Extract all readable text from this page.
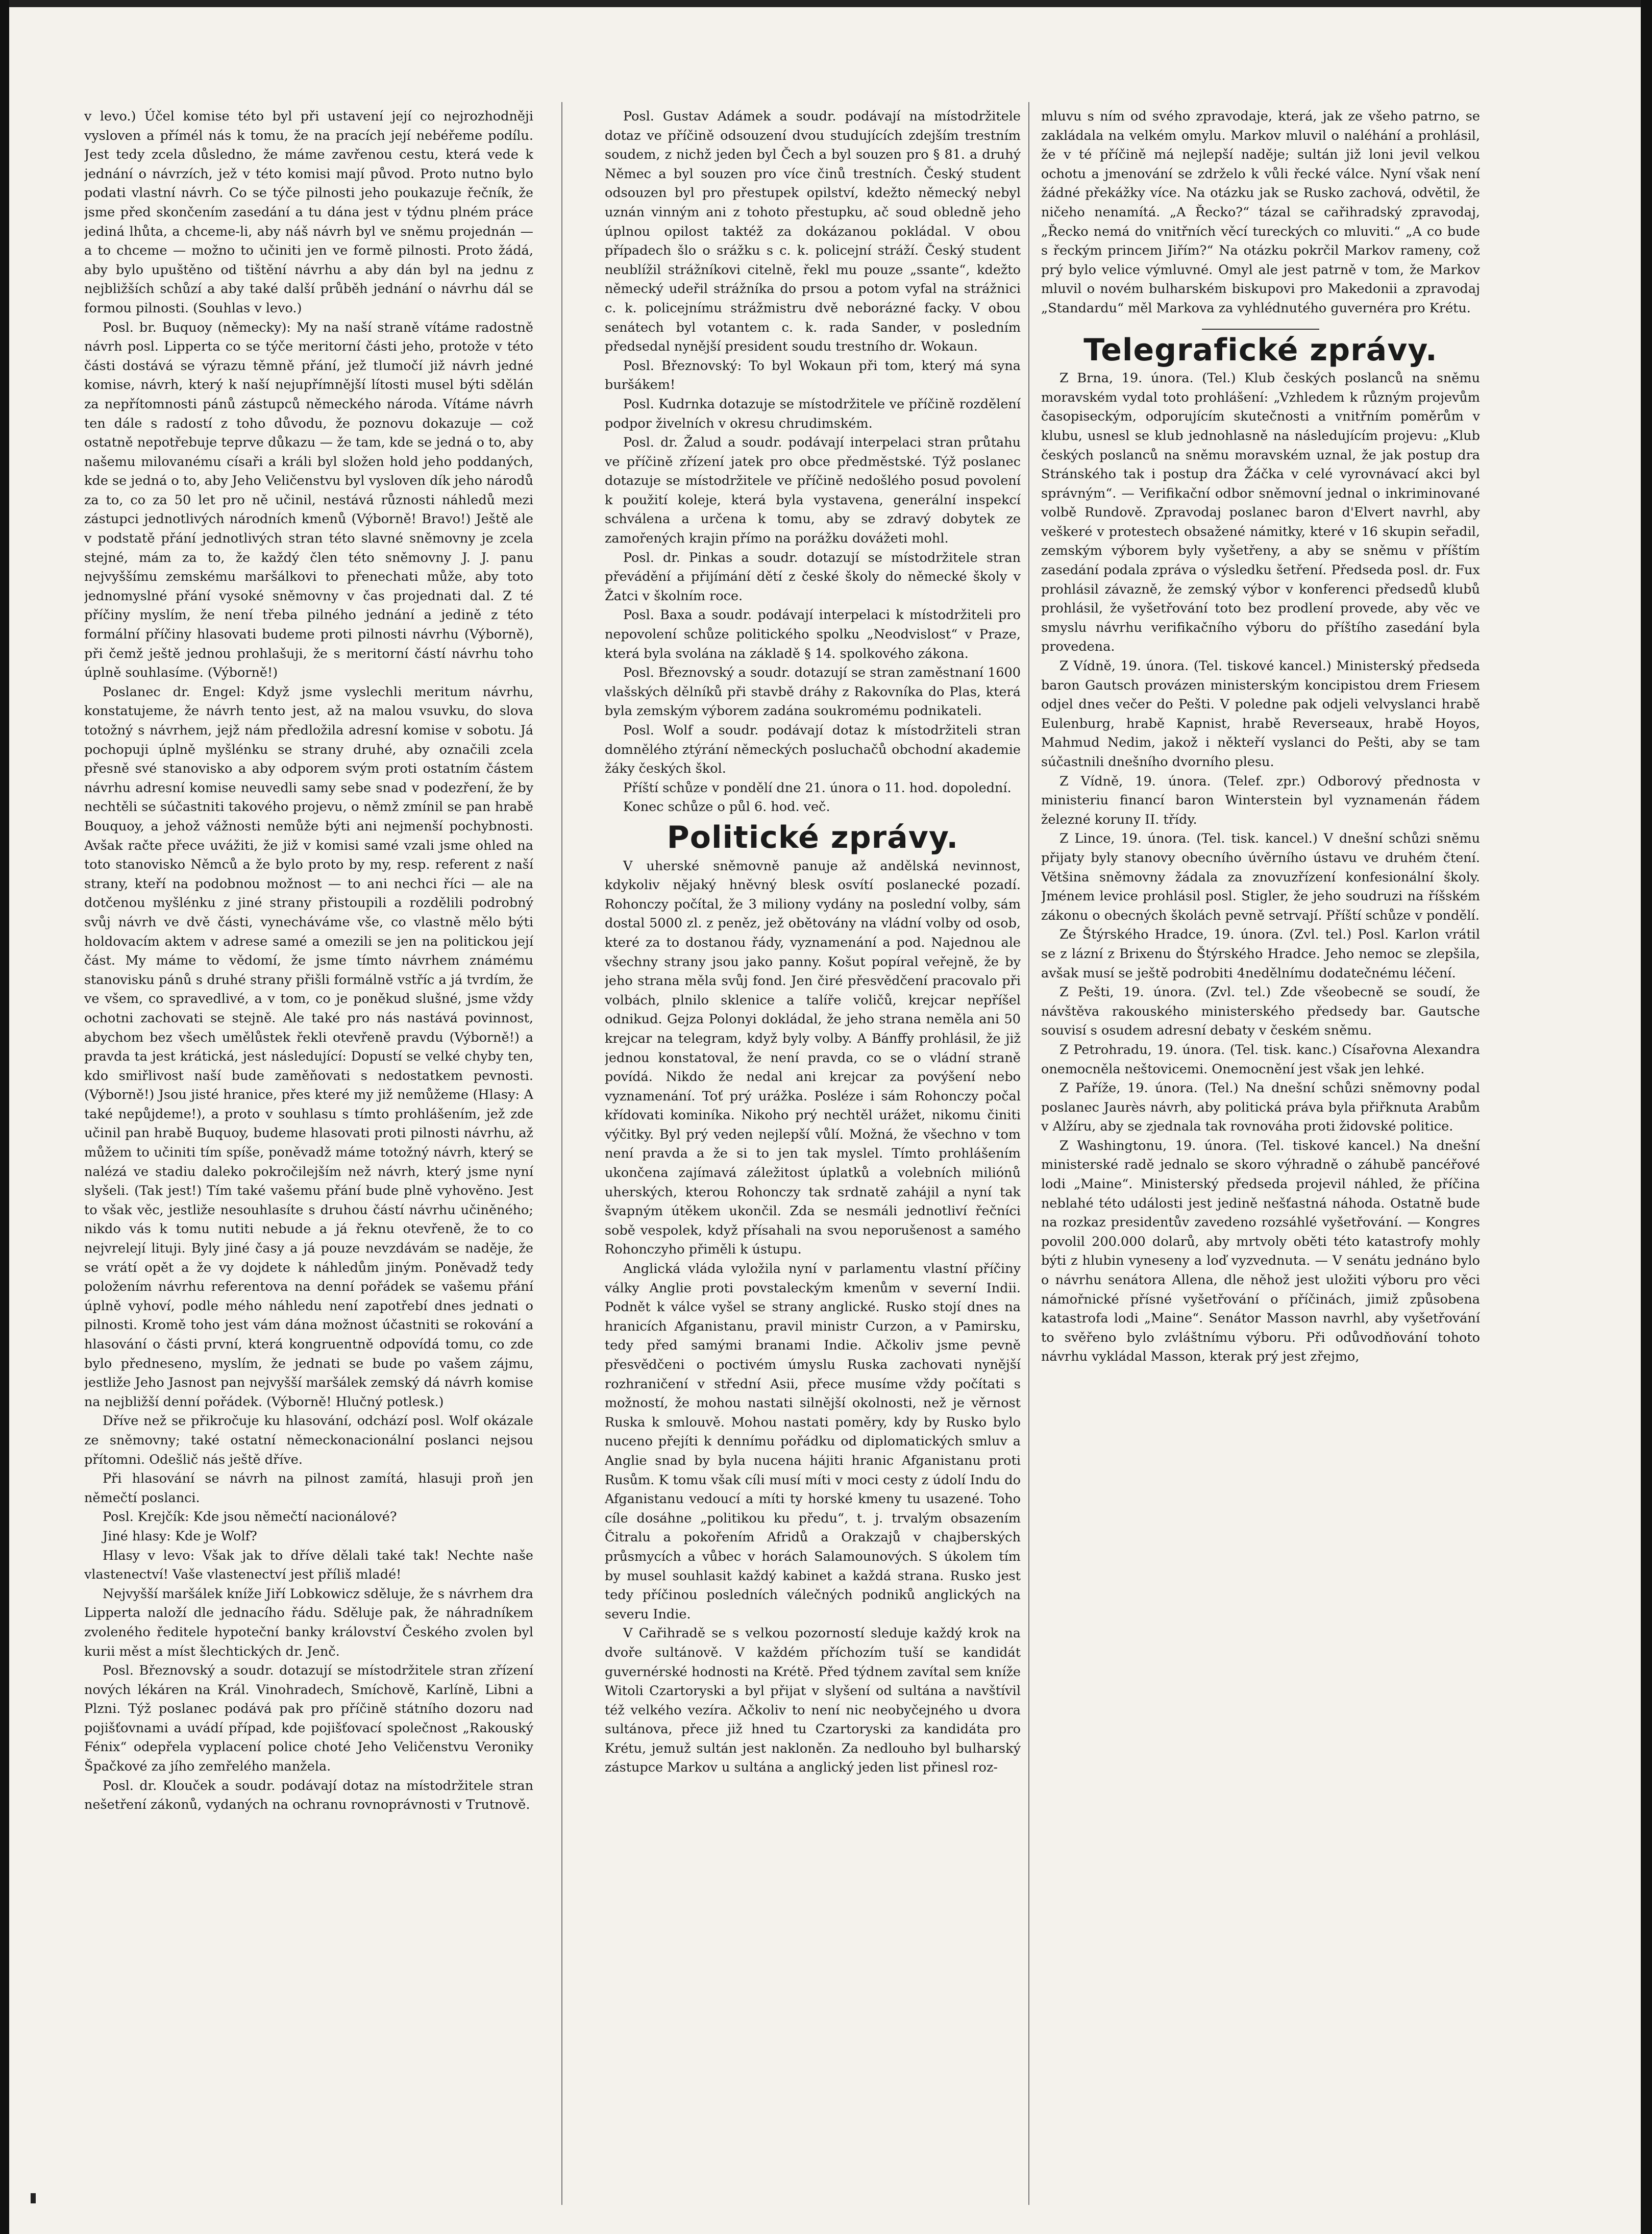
v levo.) Účel komise této byl při ustavení její co nejrozhodněji vysloven a přímél nás k tomu, že na pracích její nebéřeme podílu. Jest tedy zcela důsledno, že máme zavřenou cestu, která vede k jednání o návrzích, jež v této komisi mají původ. Proto nutno bylo podati vlastní návrh. Co se týče pilnosti jeho poukazuje řečník, že jsme před skončením zasedání a tu dána jest v týdnu plném práce jediná lhůta, a chceme-li, aby náš návrh byl ve sněmu projednán — a to chceme — možno to učiniti jen ve formě pilnosti. Proto žádá, aby bylo upuštěno od tištění návrhu a aby dán byl na jednu z nejbližších schůzí a aby také další průběh jednání o návrhu dál se formou pilnosti. (Souhlas v levo.)

Posl. br. Buquoy (německy): My na naší straně vítáme radostně návrh posl. Lipperta co se týče meritorní části jeho, protože v této části dostává se výrazu těmně přání, jež tlumočí již návrh jedné komise, návrh, který k naší nejupřímnější lítosti musel býti sdělán za nepřítomnosti pánů zástupců německého národa. Vítáme návrh ten dále s radostí z toho důvodu, že poznovu dokazuje — což ostatně nepotřebuje teprve důkazu — že tam, kde se jedná o to, aby našemu milovanému císaři a králi byl složen hold jeho poddaných, kde se jedná o to, aby Jeho Veličenstvu byl vysloven dík jeho národů za to, co za 50 let pro ně učinil, nestává různosti náhledů mezi zástupci jednotlivých národních kmenů (Výborně! Bravo!) Ještě ale v podstatě přání jednotlivých stran této slavné sněmovny je zcela stejné, mám za to, že každý člen této sněmovny J. J. panu nejvyššímu zemskému maršálkovi to přenechati může, aby toto jednomyslné přání vysoké sněmovny v čas projednati dal. Z té příčiny myslím, že není třeba pilného jednání a jedině z této formální příčiny hlasovati budeme proti pilnosti návrhu (Výborně), při čemž ještě jednou prohlašuji, že s meritorní částí návrhu toho úplně souhlasíme. (Výborně!)

Poslanec dr. Engel: Když jsme vyslechli meritum návrhu, konstatujeme, že návrh tento jest, až na malou vsuvku, do slova totožný s návrhem, jejž nám předložila adresní komise v sobotu. Já pochopuji úplně myšlénku se strany druhé, aby označili zcela přesně své stanovisko a aby odporem svým proti ostatním částem návrhu adresní komise neuvedli samy sebe snad v podezření, že by nechtěli se súčastniti takového projevu, o němž zmínil se pan hrabě Bouquoy, a jehož vážnosti nemůže býti ani nejmenší pochybnosti. Avšak račte přece uvážiti, že již v komisi samé vzali jsme ohled na toto stanovisko Němců a že bylo proto by my, resp. referent z naší strany, kteří na podobnou možnost — to ani nechci říci — ale na dotčenou myšlénku z jiné strany přistoupili a rozdělili podrobný svůj návrh ve dvě části, vynecháváme vše, co vlastně mělo býti holdovacím aktem v adrese samé a omezili se jen na politickou její část. My máme to vědomí, že jsme tímto návrhem známému stanovisku pánů s druhé strany přišli formálně vstříc a já tvrdím, že ve všem, co spravedlivé, a v tom, co je poněkud slušné, jsme vždy ochotni zachovati se stejně. Ale také pro nás nastává povinnost, abychom bez všech umělůstek řekli otevřeně pravdu (Výborně!) a pravda ta jest krátická, jest následující: Dopustí se velké chyby ten, kdo smiřlivost naší bude zaměňovati s nedostatkem pevnosti. (Výborně!) Jsou jisté hranice, přes které my již nemůžeme (Hlasy: A také nepůjdeme!), a proto v souhlasu s tímto prohlášením, jež zde učinil pan hrabě Buquoy, budeme hlasovati proti pilnosti návrhu, až můžem to učiniti tím spíše, poněvadž máme totožný návrh, který se nalézá ve stadiu daleko pokročilejším než návrh, který jsme nyní slyšeli. (Tak jest!) Tím také vašemu přání bude plně vyhověno. Jest to však věc, jestliže nesouhlasíte s druhou částí návrhu učiněného; nikdo vás k tomu nutiti nebude a já řeknu otevřeně, že to co nejvrelejí lituji. Byly jiné časy a já pouze nevzdávám se naděje, že se vrátí opět a že vy dojdete k náhledům jiným. Poněvadž tedy položením návrhu referentova na denní pořádek se vašemu přání úplně vyhoví, podle mého náhledu není zapotřebí dnes jednati o pilnosti. Kromě toho jest vám dána možnost účastniti se rokování a hlasování o části první, která kongruentně odpovídá tomu, co zde bylo předneseno, myslím, že jednati se bude po vašem zájmu, jestliže Jeho Jasnost pan nejvyšší maršálek zemský dá návrh komise na nejbližší denní pořádek. (Výborně! Hlučný potlesk.)

Dříve než se přikročuje ku hlasování, odchází posl. Wolf okázale ze sněmovny; také ostatní německonacionální poslanci nejsou přítomni. Odešlič nás ještě dříve.

Při hlasování se návrh na pilnost zamítá, hlasuji proň jen němečtí poslanci.

Posl. Krejčík: Kde jsou němečtí nacionálové?

Jiné hlasy: Kde je Wolf?

Hlasy v levo: Však jak to dříve dělali také tak! Nechte naše vlastenectví! Vaše vlastenectví jest příliš mladé!

Nejvyšší maršálek kníže Jiří Lobkowicz sděluje, že s návrhem dra Lipperta naloží dle jednacího řádu. Sděluje pak, že náhradníkem zvoleného ředitele hypoteční banky království Českého zvolen byl kurii měst a míst šlechtických dr. Jenč.

Posl. Březnovský a soudr. dotazují se místodržitele stran zřízení nových lékáren na Král. Vinohradech, Smíchově, Karlíně, Libni a Plzni. Týž poslanec podává pak pro příčině státního dozoru nad pojišťovnami a uvádí případ, kde pojišťovací společnost „Rakouský Fénix“ odepřela vyplacení police choté Jeho Veličenstvu Veroniky Špačkové za jího zemřelého manžela.

Posl. dr. Klouček a soudr. podávají dotaz na místodržitele stran nešetření zákonů, vydaných na ochranu rovnoprávnosti v Trutnově.

Posl. Gustav Adámek a soudr. podávají na místodržitele dotaz ve příčině odsouzení dvou studujících zdejším trestním soudem, z nichž jeden byl Čech a byl souzen pro § 81. a druhý Němec a byl souzen pro více činů trestních. Český student odsouzen byl pro přestupek opilství, kdežto německý nebyl uznán vinným ani z tohoto přestupku, ač soud obledně jeho úplnou opilost taktéž za dokázanou pokládal. V obou případech šlo o srážku s c. k. policejní stráží. Český student neublížil strážníkovi citelně, řekl mu pouze „ssante“, kdežto německý udeřil strážníka do prsou a potom vyfal na strážnici c. k. policejnímu strážmistru dvě neborázné facky. V obou senátech byl votantem c. k. rada Sander, v posledním předsedal nynější president soudu trestního dr. Wokaun.

Posl. Březnovský: To byl Wokaun při tom, který má syna buršákem!

Posl. Kudrnka dotazuje se místodržitele ve příčině rozdělení podpor živelních v okresu chrudimském.

Posl. dr. Žalud a soudr. podávají interpelaci stran průtahu ve příčině zřízení jatek pro obce předměstské. Týž poslanec dotazuje se místodržitele ve příčině nedošlého posud povolení k použití koleje, která byla vystavena, generální inspekcí schválena a určena k tomu, aby se zdravý dobytek ze zamořených krajin přímo na porážku dovážeti mohl.

Posl. dr. Pinkas a soudr. dotazují se místodržitele stran převádění a přijímání dětí z české školy do německé školy v Žatci v školním roce.

Posl. Baxa a soudr. podávají interpelaci k místodržiteli pro nepovolení schůze politického spolku „Neodvislost“ v Praze, která byla svolána na základě § 14. spolkového zákona.

Posl. Březnovský a soudr. dotazují se stran zaměstnaní 1600 vlašských dělníků při stavbě dráhy z Rakovníka do Plas, která byla zemským výborem zadána soukromému podnikateli.

Posl. Wolf a soudr. podávají dotaz k místodržiteli stran domnělého ztýrání německých posluchačů obchodní akademie žáky českých škol.

Příští schůze v pondělí dne 21. února o 11. hod. dopolední.

Konec schůze o půl 6. hod. več.

Politické zprávy.

V uherské sněmovně panuje až andělská nevinnost, kdykoliv nějaký hněvný blesk osvítí poslanecké pozadí. Rohonczy počítal, že 3 miliony vydány na poslední volby, sám dostal 5000 zl. z peněz, jež obětovány na vládní volby od osob, které za to dostanou řády, vyznamenání a pod. Najednou ale všechny strany jsou jako panny. Košut popíral veřejně, že by jeho strana měla svůj fond. Jen čiré přesvědčení pracovalo při volbách, plnilo sklenice a talíře voličů, krejcar nepříšel odnikud. Gejza Polonyi dokládal, že jeho strana neměla ani 50 krejcar na telegram, když byly volby. A Bánffy prohlásil, že již jednou konstatoval, že není pravda, co se o vládní straně povídá. Nikdo že nedal ani krejcar za povýšení nebo vyznamenání. Toť prý urážka. Posléze i sám Rohonczy počal křídovati kominíka. Nikoho prý nechtěl urážet, nikomu činiti výčitky. Byl prý veden nejlepší vůlí. Možná, že všechno v tom není pravda a že si to jen tak myslel. Tímto prohlášením ukončena zajímavá záležitost úplatků a volebních miliónů uherských, kterou Rohonczy tak srdnatě zahájil a nyní tak švapným útěkem ukončil. Zda se nesmáli jednotliví řečníci sobě vespolek, když přísahali na svou neporušenost a samého Rohonczyho přiměli k ústupu.

Anglická vláda vyložila nyní v parlamentu vlastní příčiny války Anglie proti povstaleckým kmenům v severní Indii. Podnět k válce vyšel se strany anglické. Rusko stojí dnes na hranicích Afganistanu, pravil ministr Curzon, a v Pamirsku, tedy před samými branami Indie. Ačkoliv jsme pevně přesvědčeni o poctivém úmyslu Ruska zachovati nynější rozhraničení v střední Asii, přece musíme vždy počítati s možností, že mohou nastati silnější okolnosti, než je věrnost Ruska k smlouvě. Mohou nastati poměry, kdy by Rusko bylo nuceno přejíti k dennímu pořádku od diplomatických smluv a Anglie snad by byla nucena hájiti hranic Afganistanu proti Rusům. K tomu však cíli musí míti v moci cesty z údolí Indu do Afganistanu vedoucí a míti ty horské kmeny tu usazené. Toho cíle dosáhne „politikou ku předu“, t. j. trvalým obsazením Čitralu a pokořením Afridů a Orakzajů v chajberských průsmycích a vůbec v horách Salamounových. S úkolem tím by musel souhlasit každý kabinet a každá strana. Rusko jest tedy příčinou posledních válečných podniků anglických na severu Indie.

V Cařihradě se s velkou pozorností sleduje každý krok na dvoře sultánově. V každém příchozím tuší se kandidát guvernérské hodnosti na Krétě. Před týdnem zavítal sem kníže Witoli Czartoryski a byl přijat v slyšení od sultána a navštívil též velkého vezíra. Ačkoliv to není nic neobyčejného u dvora sultánova, přece již hned tu Czartoryski za kandidáta pro Krétu, jemuž sultán jest nakloněn. Za nedlouho byl bulharský zástupce Markov u sultána a anglický jeden list přinesl roz-

mluvu s ním od svého zpravodaje, která, jak ze všeho patrno, se zakládala na velkém omylu. Markov mluvil o naléhání a prohlásil, že v té příčině má nejlepší naděje; sultán již loni jevil velkou ochotu a jmenování se zdrželo k vůli řecké válce. Nyní však není žádné překážky více. Na otázku jak se Rusko zachová, odvětil, že ničeho nenamítá. „A Řecko?“ tázal se cařihradský zpravodaj, „Řecko nemá do vnitřních věcí tureckých co mluviti.“ „A co bude s řeckým princem Jiřím?“ Na otázku pokrčil Markov rameny, což prý bylo velice výmluvné. Omyl ale jest patrně v tom, že Markov mluvil o novém bulharském biskupovi pro Makedonii a zpravodaj „Standardu“ měl Markova za vyhlédnutého guvernéra pro Krétu.

Telegrafické zprávy.

Z Brna, 19. února. (Tel.) Klub českých poslanců na sněmu moravském vydal toto prohlášení: „Vzhledem k různým projevům časopiseckým, odporujícím skutečnosti a vnitřním poměrům v klubu, usnesl se klub jednohlasně na následujícím projevu: „Klub českých poslanců na sněmu moravském uznal, že jak postup dra Stránského tak i postup dra Žáčka v celé vyrovnávací akci byl správným“. — Verifikační odbor sněmovní jednal o inkriminované volbě Rundově. Zpravodaj poslanec baron d'Elvert navrhl, aby veškeré v protestech obsažené námitky, které v 16 skupin seřadil, zemským výborem byly vyšetřeny, a aby se sněmu v příštím zasedání podala zpráva o výsledku šetření. Předseda posl. dr. Fux prohlásil závazně, že zemský výbor v konferenci předsedů klubů prohlásil, že vyšetřování toto bez prodlení provede, aby věc ve smyslu návrhu verifikačního výboru do příštího zasedání byla provedena.

Z Vídně, 19. února. (Tel. tiskové kancel.) Ministerský předseda baron Gautsch provázen ministerským koncipistou drem Friesem odjel dnes večer do Pešti. V poledne pak odjeli velvyslanci hrabě Eulenburg, hrabě Kapnist, hrabě Reverseaux, hrabě Hoyos, Mahmud Nedim, jakož i někteří vyslanci do Pešti, aby se tam súčastnili dnešního dvorního plesu.

Z Vídně, 19. února. (Telef. zpr.) Odborový přednosta v ministeriu financí baron Winterstein byl vyznamenán řádem železné koruny II. třídy.

Z Lince, 19. února. (Tel. tisk. kancel.) V dnešní schůzi sněmu přijaty byly stanovy obecního úvěrního ústavu ve druhém čtení. Většina sněmovny žádala za znovuzřízení konfesionální školy. Jménem levice prohlásil posl. Stigler, že jeho soudruzi na říšském zákonu o obecných školách pevně setrvají. Příští schůze v pondělí.

Ze Štýrského Hradce, 19. února. (Zvl. tel.) Posl. Karlon vrátil se z lázní z Brixenu do Štýrského Hradce. Jeho nemoc se zlepšila, avšak musí se ještě podrobiti 4nedělnímu dodatečnému léčení.

Z Pešti, 19. února. (Zvl. tel.) Zde všeobecně se soudí, že návštěva rakouského ministerského předsedy bar. Gautsche souvisí s osudem adresní debaty v českém sněmu.

Z Petrohradu, 19. února. (Tel. tisk. kanc.) Císařovna Alexandra onemocněla neštovicemi. Onemocnění jest však jen lehké.

Z Paříže, 19. února. (Tel.) Na dnešní schůzi sněmovny podal poslanec Jaurès návrh, aby politická práva byla přiřknuta Arabům v Alžíru, aby se zjednala tak rovnováha proti židovské politice.

Z Washingtonu, 19. února. (Tel. tiskové kancel.) Na dnešní ministerské radě jednalo se skoro výhradně o záhubě pancéřové lodi „Maine“. Ministerský předseda projevil náhled, že příčina neblahé této události jest jedině nešťastná náhoda. Ostatně bude na rozkaz presidentův zavedeno rozsáhlé vyšetřování. — Kongres povolil 200.000 dolarů, aby mrtvoly oběti této katastrofy mohly býti z hlubin vyneseny a loď vyzvednuta. — V senátu jednáno bylo o návrhu senátora Allena, dle něhož jest uložiti výboru pro věci námořnické přísné vyšetřování o příčinách, jimiž způsobena katastrofa lodi „Maine“. Senátor Masson navrhl, aby vyšetřování to svěřeno bylo zvláštnímu výboru. Při odůvodňování tohoto návrhu vykládal Masson, kterak prý jest zřejmo,
